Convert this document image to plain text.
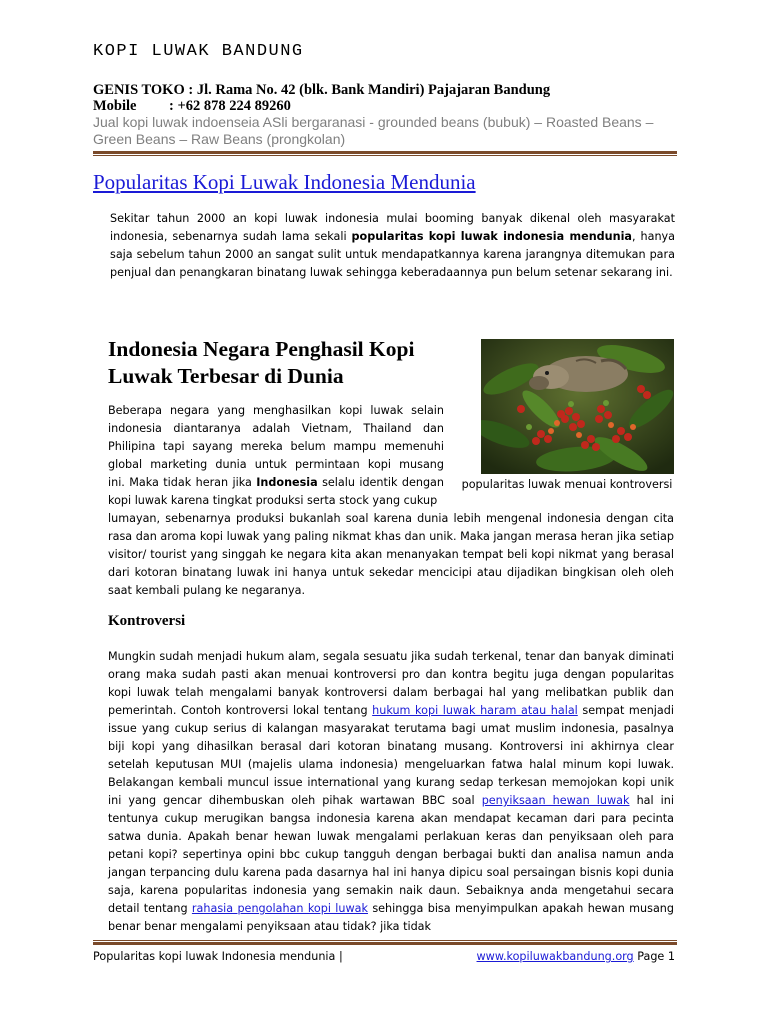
KOPI LUWAK BANDUNG
GENIS TOKO : Jl. Rama No. 42 (blk. Bank Mandiri) Pajajaran Bandung
Mobile : +62 878 224 89260
Jual kopi luwak indoenseia ASli bergaranasi - grounded beans (bubuk) – Roasted Beans – Green Beans – Raw Beans (prongkolan)
Popularitas Kopi Luwak Indonesia Mendunia
Sekitar tahun 2000 an kopi luwak indonesia mulai booming banyak dikenal oleh masyarakat indonesia, sebenarnya sudah lama sekali popularitas kopi luwak indonesia mendunia, hanya saja sebelum tahun 2000 an sangat sulit untuk mendapatkannya karena jarangnya ditemukan para penjual dan penangkaran binatang luwak sehingga keberadaannya pun belum setenar sekarang ini.
Indonesia Negara Penghasil Kopi Luwak Terbesar di Dunia
popularitas luwak menuai kontroversi
Beberapa negara yang menghasilkan kopi luwak selain
indonesia diantaranya adalah Vietnam, Thailand dan
Philipina tapi sayang mereka belum mampu memenuhi
global marketing dunia untuk permintaan kopi musang
ini. Maka tidak heran jika Indonesia selalu identik dengan
kopi luwak karena tingkat produksi serta stock yang cukup
lumayan, sebenarnya produksi bukanlah soal karena dunia lebih mengenal indonesia dengan cita rasa dan aroma kopi luwak yang paling nikmat khas dan unik. Maka jangan merasa heran jika setiap visitor/ tourist yang singgah ke negara kita akan menanyakan tempat beli kopi nikmat yang berasal dari kotoran binatang luwak ini hanya untuk sekedar mencicipi atau dijadikan bingkisan oleh oleh saat kembali pulang ke negaranya.
Kontroversi
Mungkin sudah menjadi hukum alam, segala sesuatu jika sudah terkenal, tenar dan banyak diminati orang maka sudah pasti akan menuai kontroversi pro dan kontra begitu juga dengan popularitas kopi luwak telah mengalami banyak kontroversi dalam berbagai hal yang melibatkan publik dan pemerintah. Contoh kontroversi lokal tentang hukum kopi luwak haram atau halal sempat menjadi issue yang cukup serius di kalangan masyarakat terutama bagi umat muslim indonesia, pasalnya biji kopi yang dihasilkan berasal dari kotoran binatang musang. Kontroversi ini akhirnya clear setelah keputusan MUI (majelis ulama indonesia) mengeluarkan fatwa halal minum kopi luwak. Belakangan kembali muncul issue international yang kurang sedap terkesan memojokan kopi unik ini yang gencar dihembuskan oleh pihak wartawan BBC soal penyiksaan hewan luwak hal ini tentunya cukup merugikan bangsa indonesia karena akan mendapat kecaman dari para pecinta satwa dunia. Apakah benar hewan luwak mengalami perlakuan keras dan penyiksaan oleh para petani kopi? sepertinya opini bbc cukup tangguh dengan berbagai bukti dan analisa namun anda jangan terpancing dulu karena pada dasarnya hal ini hanya dipicu soal persaingan bisnis kopi dunia saja, karena popularitas indonesia yang semakin naik daun. Sebaiknya anda mengetahui secara detail tentang rahasia pengolahan kopi luwak sehingga bisa menyimpulkan apakah hewan musang benar benar mengalami penyiksaan atau tidak? jika tidak
Popularitas kopi luwak Indonesia mendunia |	www.kopiluwakbandung.org Page 1
